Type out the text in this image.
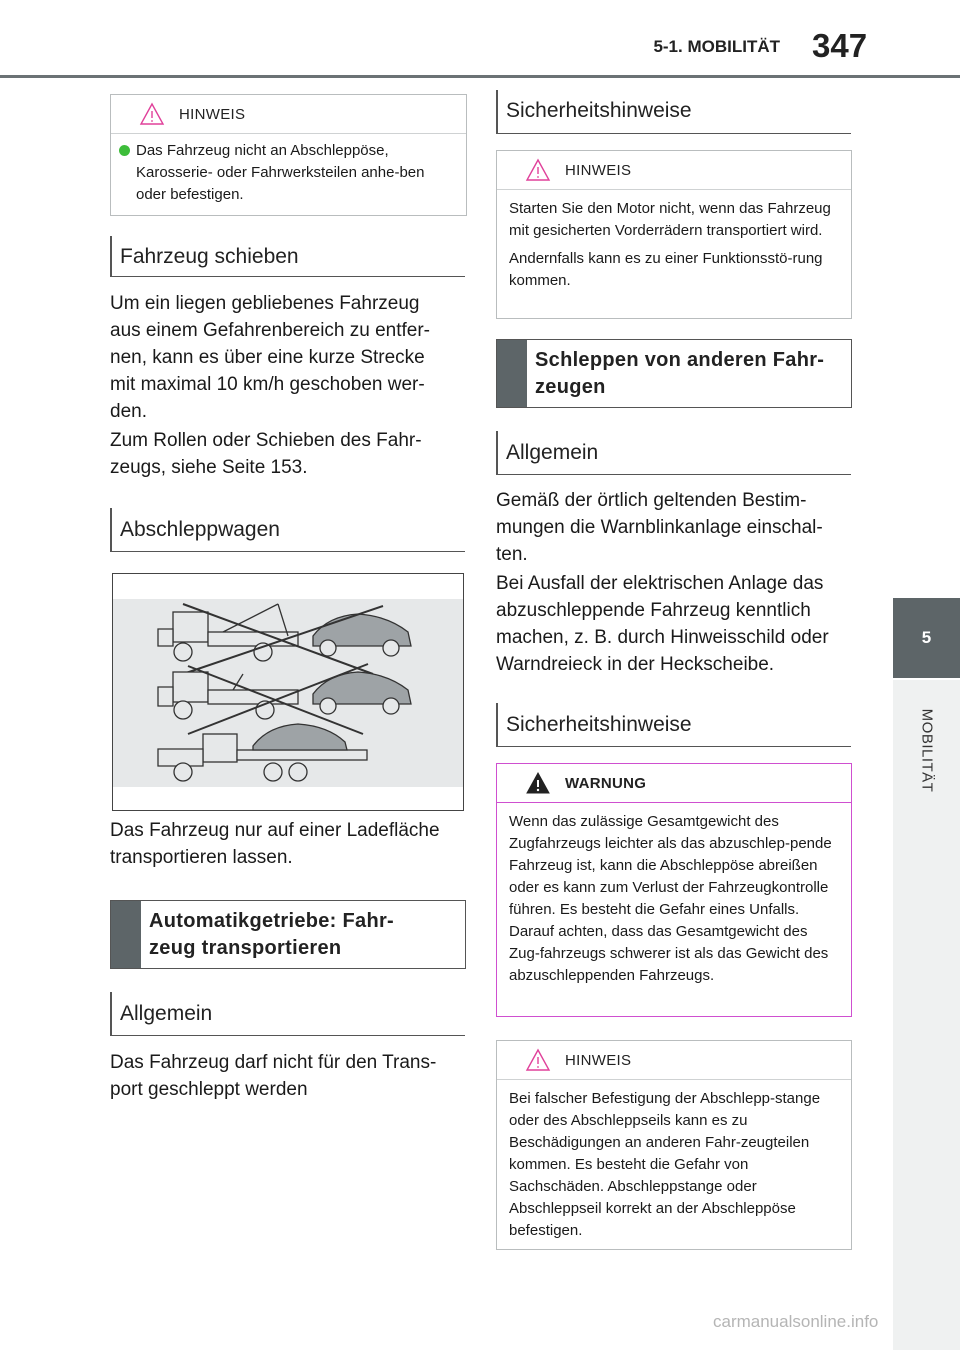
5-1. MOBILITÄT 347
5
MOBILITÄT
HINWEIS
Das Fahrzeug nicht an Abschleppöse, Karosserie- oder Fahrwerksteilen anhe-ben oder befestigen.
Fahrzeug schieben

Um ein liegen gebliebenes Fahrzeug aus einem Gefahrenbereich zu entfer-nen, kann es über eine kurze Strecke mit maximal 10 km/h geschoben wer-den.

Zum Rollen oder Schieben des Fahr-zeugs, siehe Seite 153.

Abschleppwagen

Das Fahrzeug nur auf einer Ladefläche transportieren lassen.

Automatikgetriebe: Fahr-zeug transportieren
Allgemein

Das Fahrzeug darf nicht für den Trans-port geschleppt werden

Sicherheitshinweise
HINWEIS

Starten Sie den Motor nicht, wenn das Fahrzeug mit gesicherten Vorderrädern transportiert wird.

Andernfalls kann es zu einer Funktionsstö-rung kommen.

Schleppen von anderen Fahr-zeugen
Allgemein

Gemäß der örtlich geltenden Bestim-mungen die Warnblinkanlage einschal-ten.

Bei Ausfall der elektrischen Anlage das abzuschleppende Fahrzeug kenntlich machen, z. B. durch Hinweisschild oder Warndreieck in der Heckscheibe.

Sicherheitshinweise
WARNUNG

Wenn das zulässige Gesamtgewicht des Zugfahrzeugs leichter als das abzuschlep-pende Fahrzeug ist, kann die Abschleppöse abreißen oder es kann zum Verlust der Fahrzeugkontrolle führen. Es besteht die Gefahr eines Unfalls. Darauf achten, dass das Gesamtgewicht des Zug-fahrzeugs schwerer ist als das Gewicht des abzuschleppenden Fahrzeugs.

HINWEIS

Bei falscher Befestigung der Abschlepp-stange oder des Abschleppseils kann es zu Beschädigungen an anderen Fahr-zeugteilen kommen. Es besteht die Gefahr von Sachschäden. Abschleppstange oder Abschleppseil korrekt an der Abschleppöse befestigen.

carmanualsonline.info
